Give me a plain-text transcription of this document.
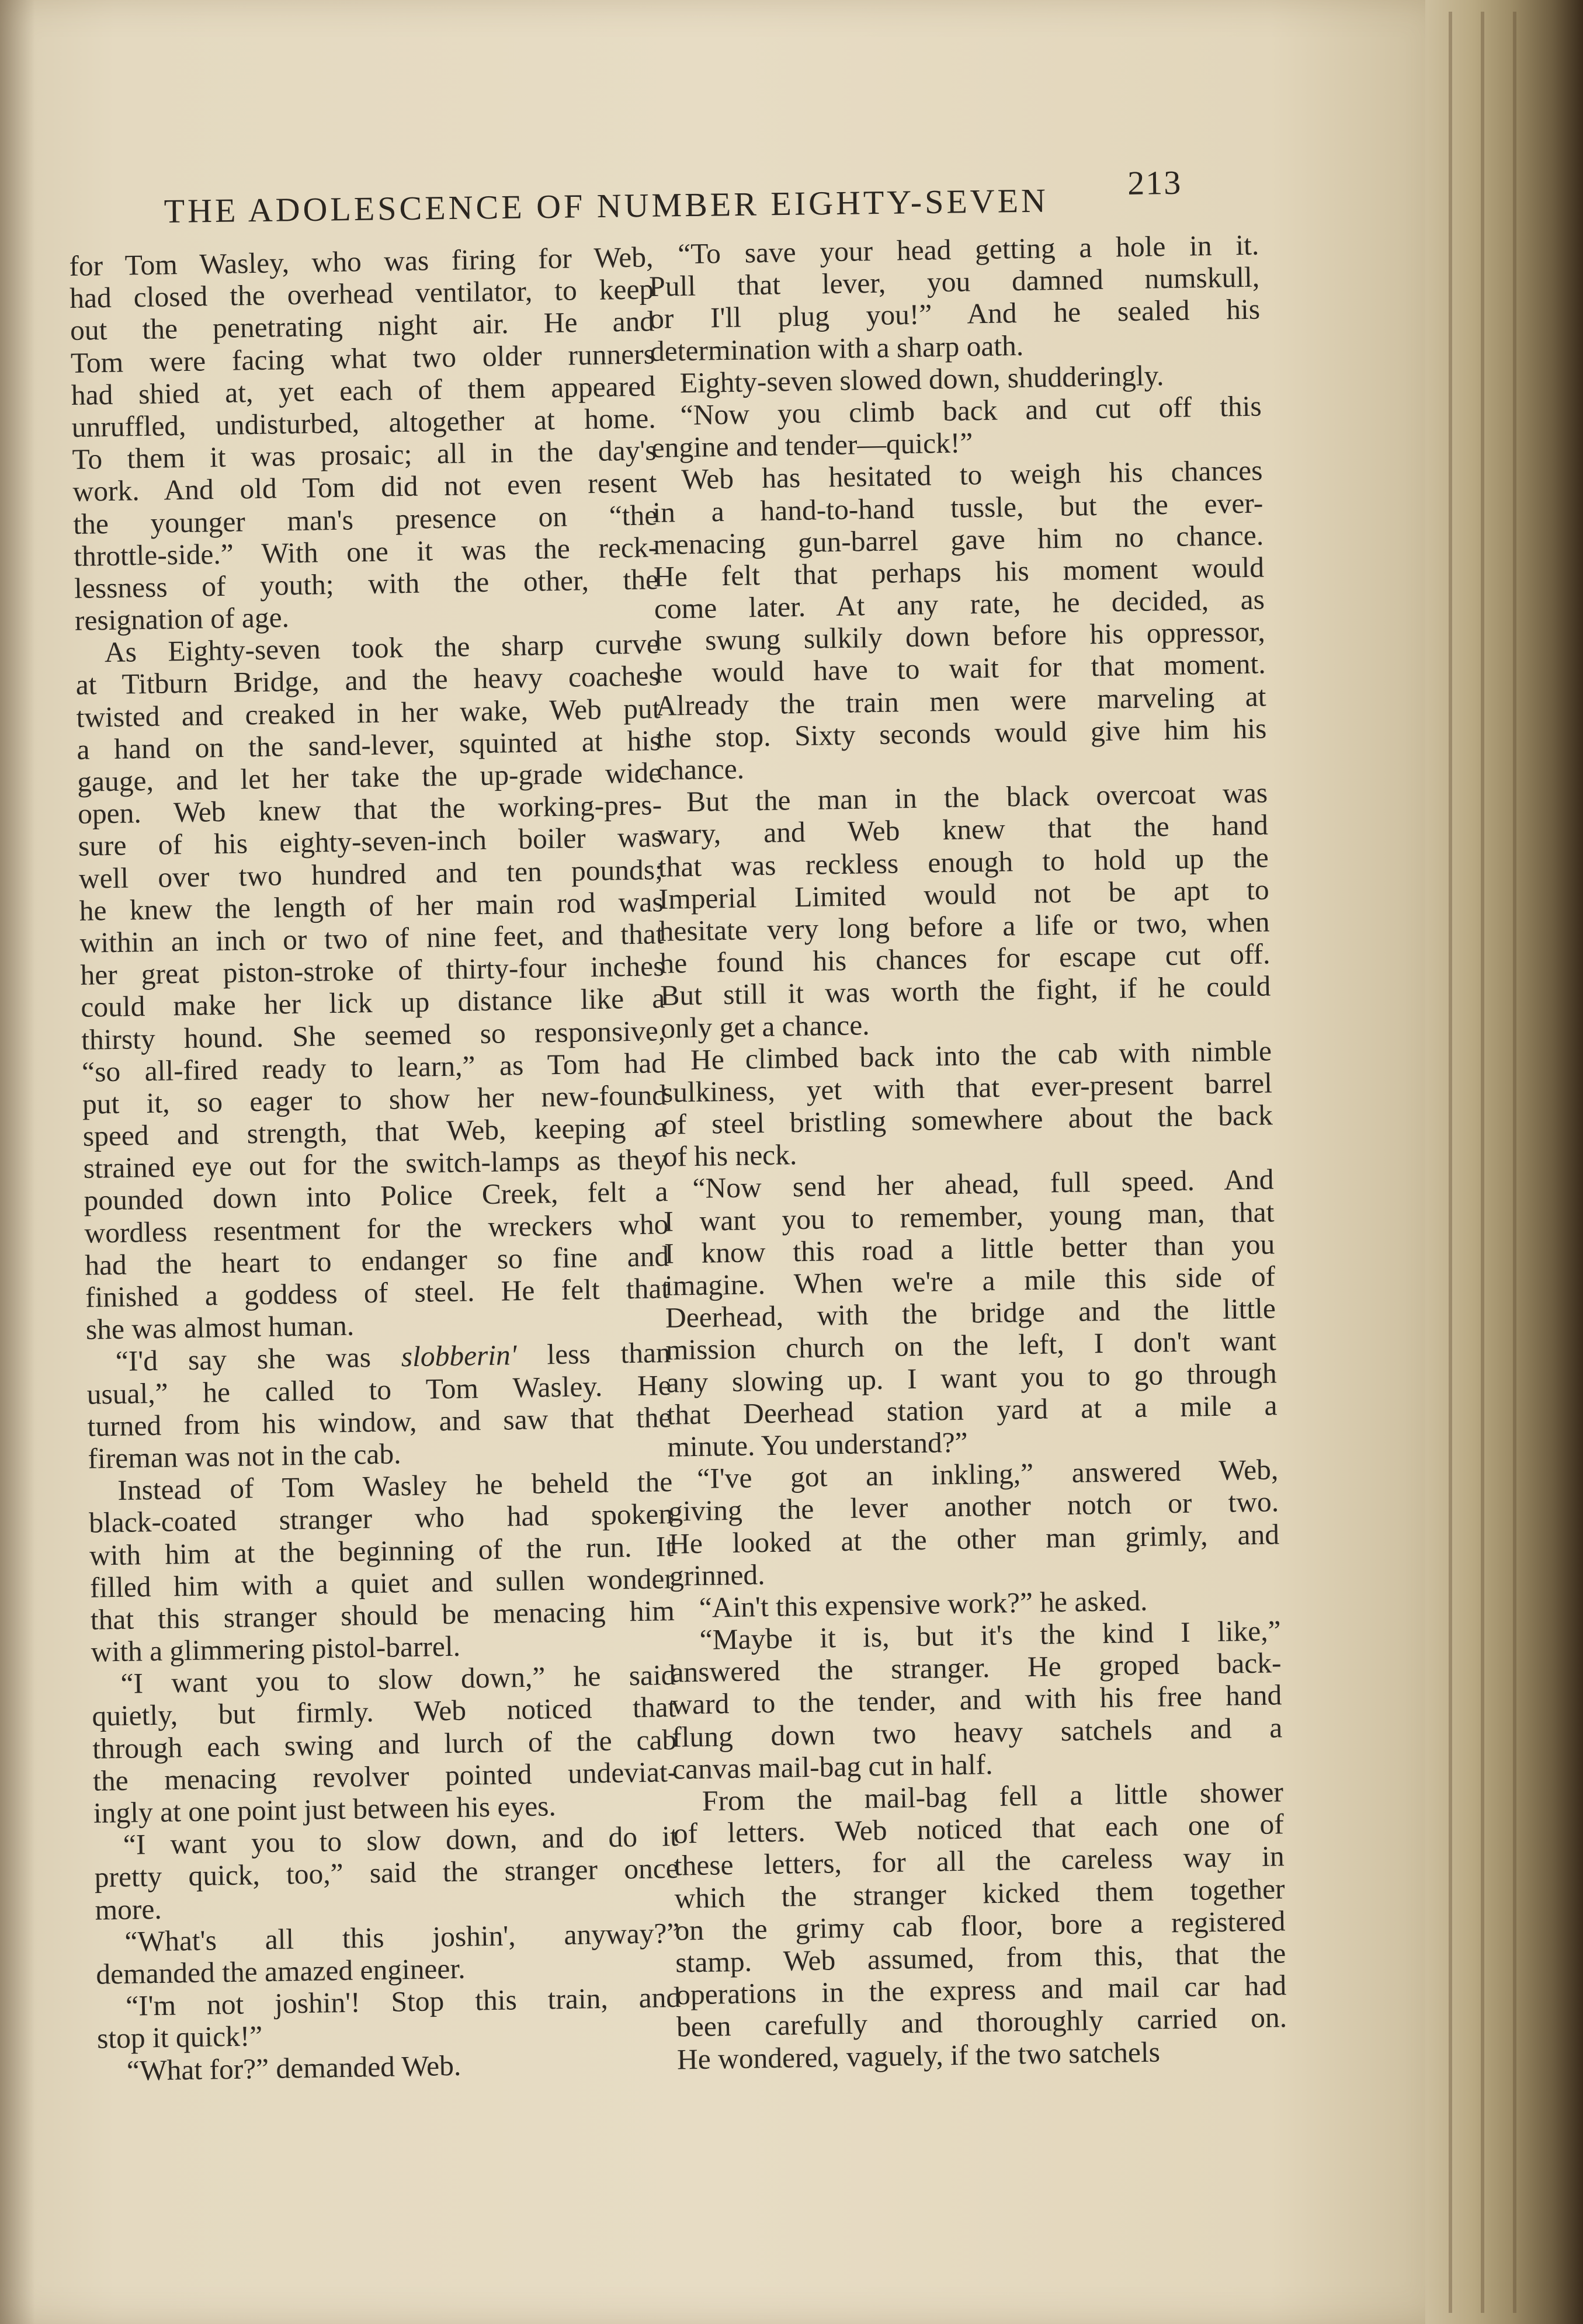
THE ADOLESCENCE OF NUMBER EIGHTY-SEVEN 213

for Tom Wasley, who was firing for Web,

had closed the overhead ventilator, to keep

out the penetrating night air. He and

Tom were facing what two older runners

had shied at, yet each of them appeared

unruffled, undisturbed, altogether at home.

To them it was prosaic; all in the day's

work. And old Tom did not even resent

the younger man's presence on “the

throttle-side.” With one it was the reck-

lessness of youth; with the other, the

resignation of age.

As Eighty-seven took the sharp curve

at Titburn Bridge, and the heavy coaches

twisted and creaked in her wake, Web put

a hand on the sand-lever, squinted at his

gauge, and let her take the up-grade wide

open. Web knew that the working-pres-

sure of his eighty-seven-inch boiler was

well over two hundred and ten pounds;

he knew the length of her main rod was

within an inch or two of nine feet, and that

her great piston-stroke of thirty-four inches

could make her lick up distance like a

thirsty hound. She seemed so responsive,

“so all-fired ready to learn,” as Tom had

put it, so eager to show her new-found

speed and strength, that Web, keeping a

strained eye out for the switch-lamps as they

pounded down into Police Creek, felt a

wordless resentment for the wreckers who

had the heart to endanger so fine and

finished a goddess of steel. He felt that

she was almost human.

“I'd say she was slobberin' less than

usual,” he called to Tom Wasley. He

turned from his window, and saw that the

fireman was not in the cab.

Instead of Tom Wasley he beheld the

black-coated stranger who had spoken

with him at the beginning of the run. It

filled him with a quiet and sullen wonder

that this stranger should be menacing him

with a glimmering pistol-barrel.

“I want you to slow down,” he said

quietly, but firmly. Web noticed that

through each swing and lurch of the cab

the menacing revolver pointed undeviat-

ingly at one point just between his eyes.

“I want you to slow down, and do it

pretty quick, too,” said the stranger once

more.

“What's all this joshin', anyway?”

demanded the amazed engineer.

“I'm not joshin'! Stop this train, and

stop it quick!”

“What for?” demanded Web.

“To save your head getting a hole in it.

Pull that lever, you damned numskull,

or I'll plug you!” And he sealed his

determination with a sharp oath.

Eighty-seven slowed down, shudderingly.

“Now you climb back and cut off this

engine and tender—quick!”

Web has hesitated to weigh his chances

in a hand-to-hand tussle, but the ever-

menacing gun-barrel gave him no chance.

He felt that perhaps his moment would

come later. At any rate, he decided, as

he swung sulkily down before his oppressor,

he would have to wait for that moment.

Already the train men were marveling at

the stop. Sixty seconds would give him his

chance.

But the man in the black overcoat was

wary, and Web knew that the hand

that was reckless enough to hold up the

Imperial Limited would not be apt to

hesitate very long before a life or two, when

he found his chances for escape cut off.

But still it was worth the fight, if he could

only get a chance.

He climbed back into the cab with nimble

sulkiness, yet with that ever-present barrel

of steel bristling somewhere about the back

of his neck.

“Now send her ahead, full speed. And

I want you to remember, young man, that

I know this road a little better than you

imagine. When we're a mile this side of

Deerhead, with the bridge and the little

mission church on the left, I don't want

any slowing up. I want you to go through

that Deerhead station yard at a mile a

minute. You understand?”

“I've got an inkling,” answered Web,

giving the lever another notch or two.

He looked at the other man grimly, and

grinned.

“Ain't this expensive work?” he asked.

“Maybe it is, but it's the kind I like,”

answered the stranger. He groped back-

ward to the tender, and with his free hand

flung down two heavy satchels and a

canvas mail-bag cut in half.

From the mail-bag fell a little shower

of letters. Web noticed that each one of

these letters, for all the careless way in

which the stranger kicked them together

on the grimy cab floor, bore a registered

stamp. Web assumed, from this, that the

operations in the express and mail car had

been carefully and thoroughly carried on.

He wondered, vaguely, if the two satchels
